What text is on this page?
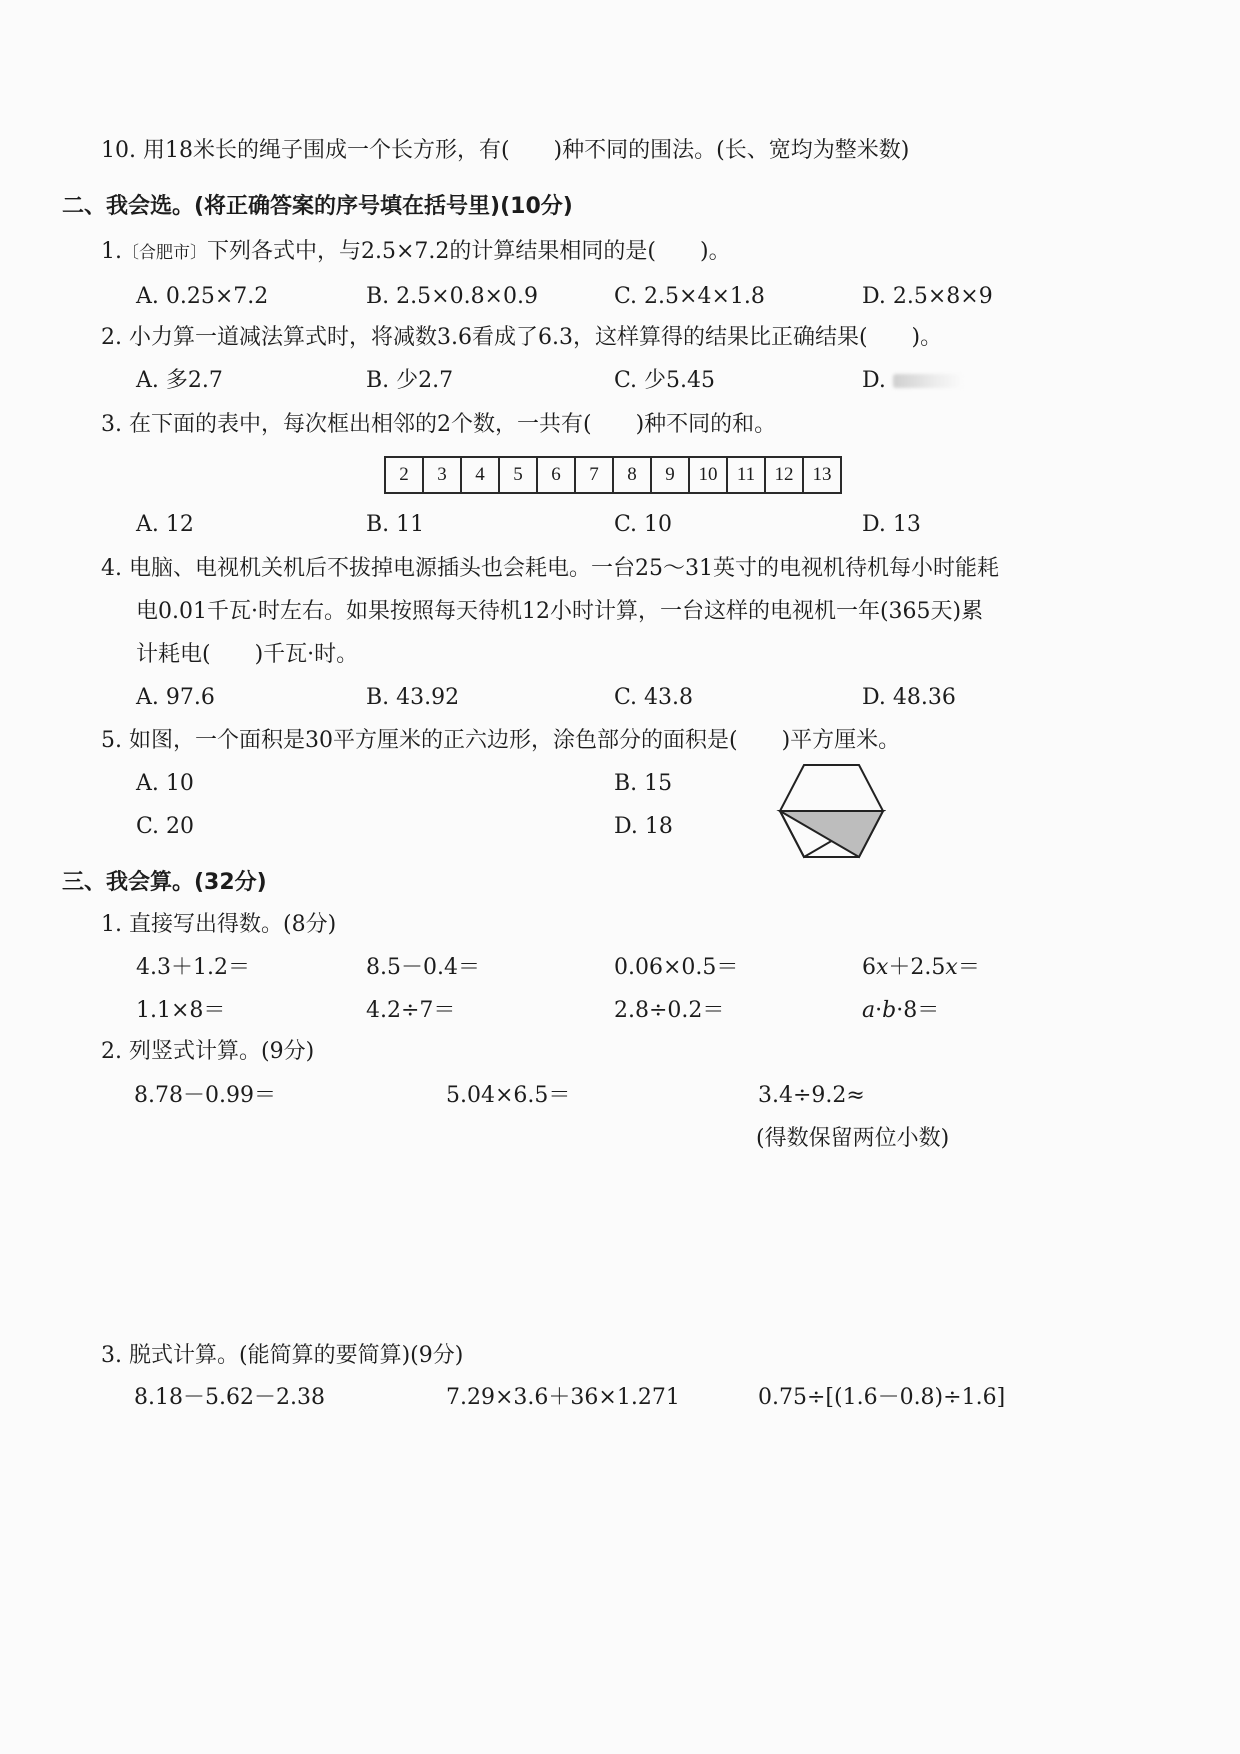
10. 用18米长的绳子围成一个长方形，有(　　)种不同的围法。(长、宽均为整米数)
二、我会选。(将正确答案的序号填在括号里)(10分)
1.〔合肥市〕下列各式中，与2.5×7.2的计算结果相同的是(　　)。
A. 0.25×7.2	B. 2.5×0.8×0.9	C. 2.5×4×1.8	D. 2.5×8×9
2. 小力算一道减法算式时，将减数3.6看成了6.3，这样算得的结果比正确结果(　　)。
A. 多2.7	B. 少2.7	C. 少5.45	D.
3. 在下面的表中，每次框出相邻的2个数，一共有(　　)种不同的和。
2	3	4	5	6	7	8	9	10	11	12	13
A. 12	B. 11	C. 10	D. 13
4. 电脑、电视机关机后不拔掉电源插头也会耗电。一台25～31英寸的电视机待机每小时能耗
电0.01千瓦·时左右。如果按照每天待机12小时计算，一台这样的电视机一年(365天)累
计耗电(　　)千瓦·时。
A. 97.6	B. 43.92	C. 43.8	D. 48.36
5. 如图，一个面积是30平方厘米的正六边形，涂色部分的面积是(　　)平方厘米。
A. 10	B. 15
C. 20	D. 18
三、我会算。(32分)
1. 直接写出得数。(8分)
4.3＋1.2＝	8.5－0.4＝	0.06×0.5＝	6x＋2.5x＝
1.1×8＝	4.2÷7＝	2.8÷0.2＝	a·b·8＝
2. 列竖式计算。(9分)
8.78－0.99＝	5.04×6.5＝	3.4÷9.2≈
(得数保留两位小数)
3. 脱式计算。(能简算的要简算)(9分)
8.18－5.62－2.38	7.29×3.6＋36×1.271	0.75÷[(1.6－0.8)÷1.6]
